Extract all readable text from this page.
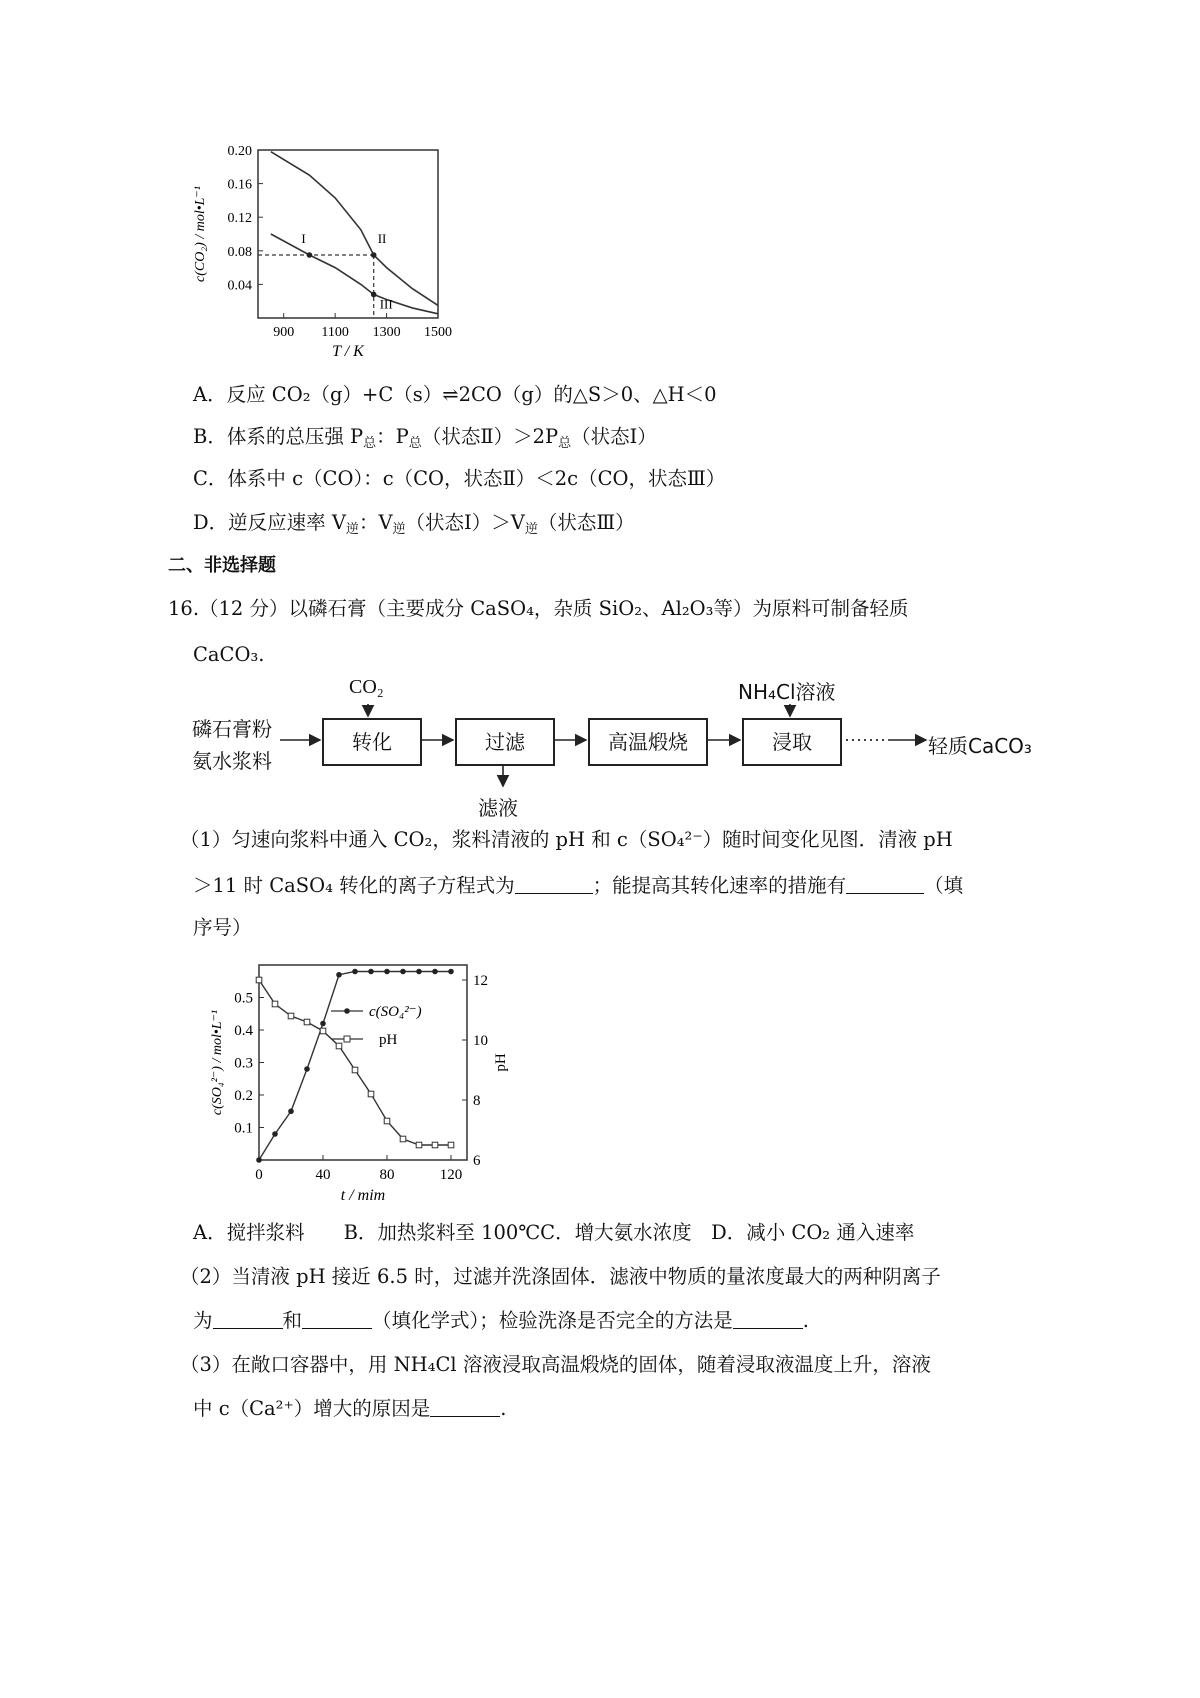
0.20
0.16
0.12
0.08
0.04
900 1100 1300 1500
T / K
c(CO₂) / mol•L⁻¹	I	II
III
A．反应 CO₂（g）+C（s）⇌2CO（g）的△S＞0、△H＜0
B．体系的总压强 $P_总$：$P_总$（状态$Ⅱ)>2P_总$（状态Ⅰ）
C．体系中 c（CO）：c（CO，状态Ⅱ）＜2c（CO，状态Ⅲ）
D．逆反应速率 $V_逆$：$V_逆$（状态$Ⅰ)>V_逆$（状态Ⅲ）
二、非选择题
16.（12 分）以磷石膏（主要成分 CaSO₄，杂质 SiO₂、Al₂O₃等）为原料可制备轻质
CaCO₃.
磷石膏粉
氨水浆料
CO₂
转化	过滤
滤液
高温煅烧
NH₄Cl溶液
浸取	轻质CaCO₃
（1）匀速向浆料中通入 CO₂，浆料清液的 pH 和 c（SO₄²⁻）随时间变化见图．清液 pH
＞11 时 CaSO₄ 转化的离子方程式为	；能提高其转化速率的措施有	（填
序号）
0.1
0.2
0.3
0.4
0.5
6
8
10
12
0	40	80	120
t / mim
c(SO₄²⁻) / mol•L⁻¹	pH
c(SO₄²⁻)
pH
A．搅拌浆料　　B．加热浆料至 100℃C．增大氨水浓度　D．减小 CO₂ 通入速率
（2）当清液 pH 接近 6.5 时，过滤并洗涤固体．滤液中物质的量浓度最大的两种阴离子
为	和	（填化学式）；检验洗涤是否完全的方法是	.
（3）在敞口容器中，用 NH₄Cl 溶液浸取高温煅烧的固体，随着浸取液温度上升，溶液
中 c（Ca²⁺）增大的原因是	.
